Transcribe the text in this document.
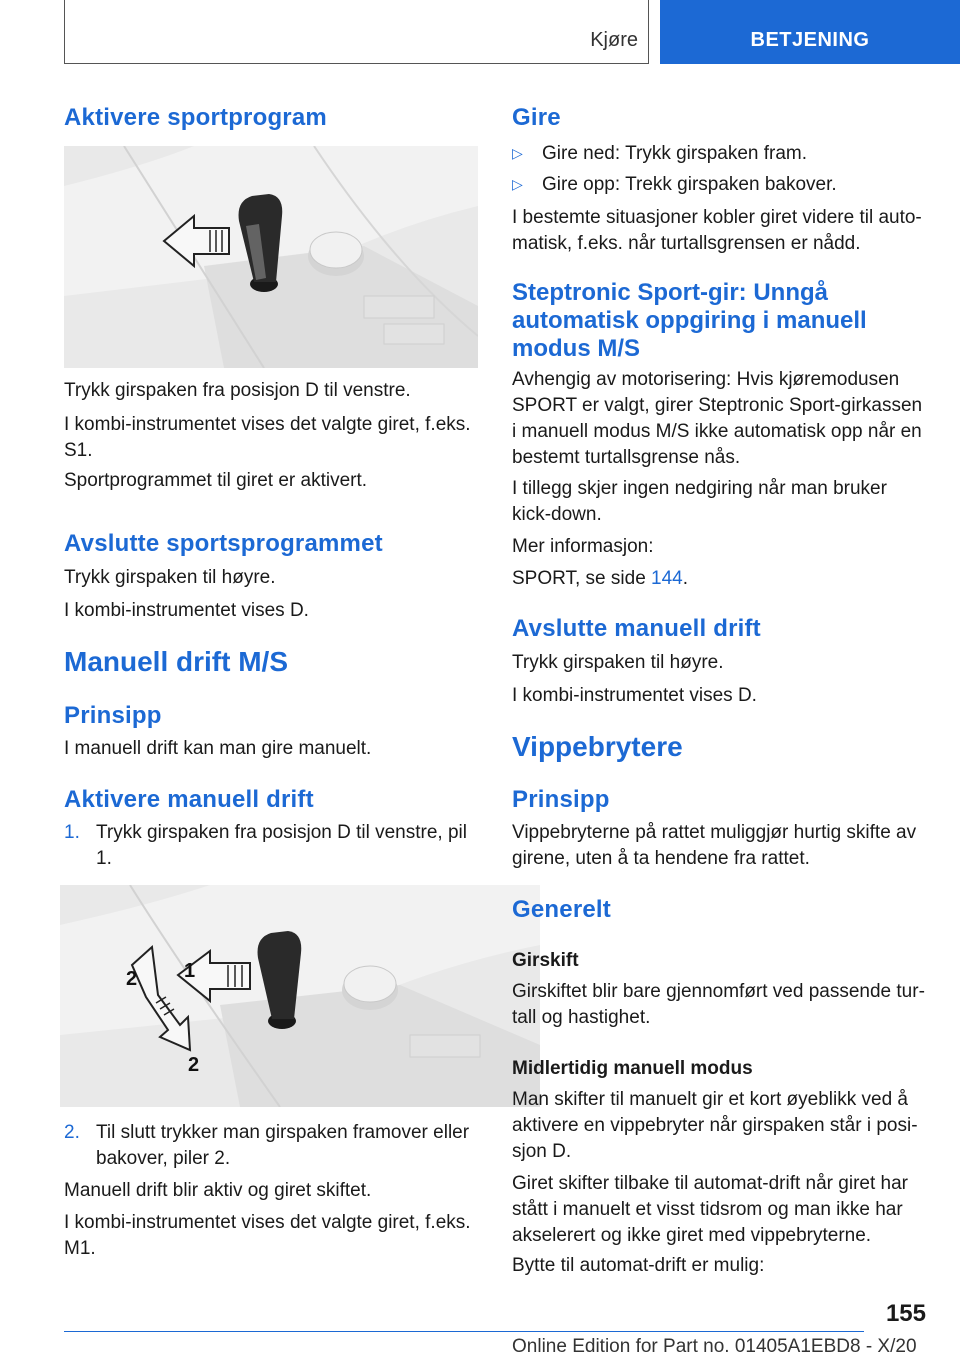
Kjøre	BETJENING
Aktivere sportprogram
Trykk girspaken fra posisjon D til venstre.
I kombi-instrumentet vises det valgte giret, f.eks. S1.
Sportprogrammet til giret er aktivert.
Avslutte sportsprogrammet
Trykk girspaken til høyre.
I kombi-instrumentet vises D.
Manuell drift M/S
Prinsipp
I manuell drift kan man gire manuelt.
Aktivere manuell drift
1. Trykk girspaken fra posisjon D til venstre, pil 1.
1
2
2
2. Til slutt trykker man girspaken framover eller bakover, piler 2.
Manuell drift blir aktiv og giret skiftet.
I kombi-instrumentet vises det valgte giret, f.eks. M1.
Gire
▷ Gire ned: Trykk girspaken fram.
▷ Gire opp: Trekk girspaken bakover.
I bestemte situasjoner kobler giret videre til auto-matisk, f.eks. når turtallsgrensen er nådd.
Steptronic Sport-gir: Unngå automatisk oppgiring i manuell modus M/S
Avhengig av motorisering: Hvis kjøremodusen SPORT er valgt, girer Steptronic Sport-girkassen i manuell modus M/S ikke automatisk opp når en bestemt turtallsgrense nås.
I tillegg skjer ingen nedgiring når man bruker kick-down.
Mer informasjon:
SPORT, se side 144.
Avslutte manuell drift
Trykk girspaken til høyre.
I kombi-instrumentet vises D.
Vippebrytere
Prinsipp
Vippebryterne på rattet muliggjør hurtig skifte av girene, uten å ta hendene fra rattet.
Generelt
Girskift
Girskiftet blir bare gjennomført ved passende tur-tall og hastighet.
Midlertidig manuell modus
Man skifter til manuelt gir et kort øyeblikk ved å aktivere en vippebryter når girspaken står i posi-sjon D.
Giret skifter tilbake til automat-drift når giret har stått i manuelt et visst tidsrom og man ikke har akselerert og ikke giret med vippebryterne.
Bytte til automat-drift er mulig:
155
Online Edition for Part no. 01405A1EBD8 - X/20
